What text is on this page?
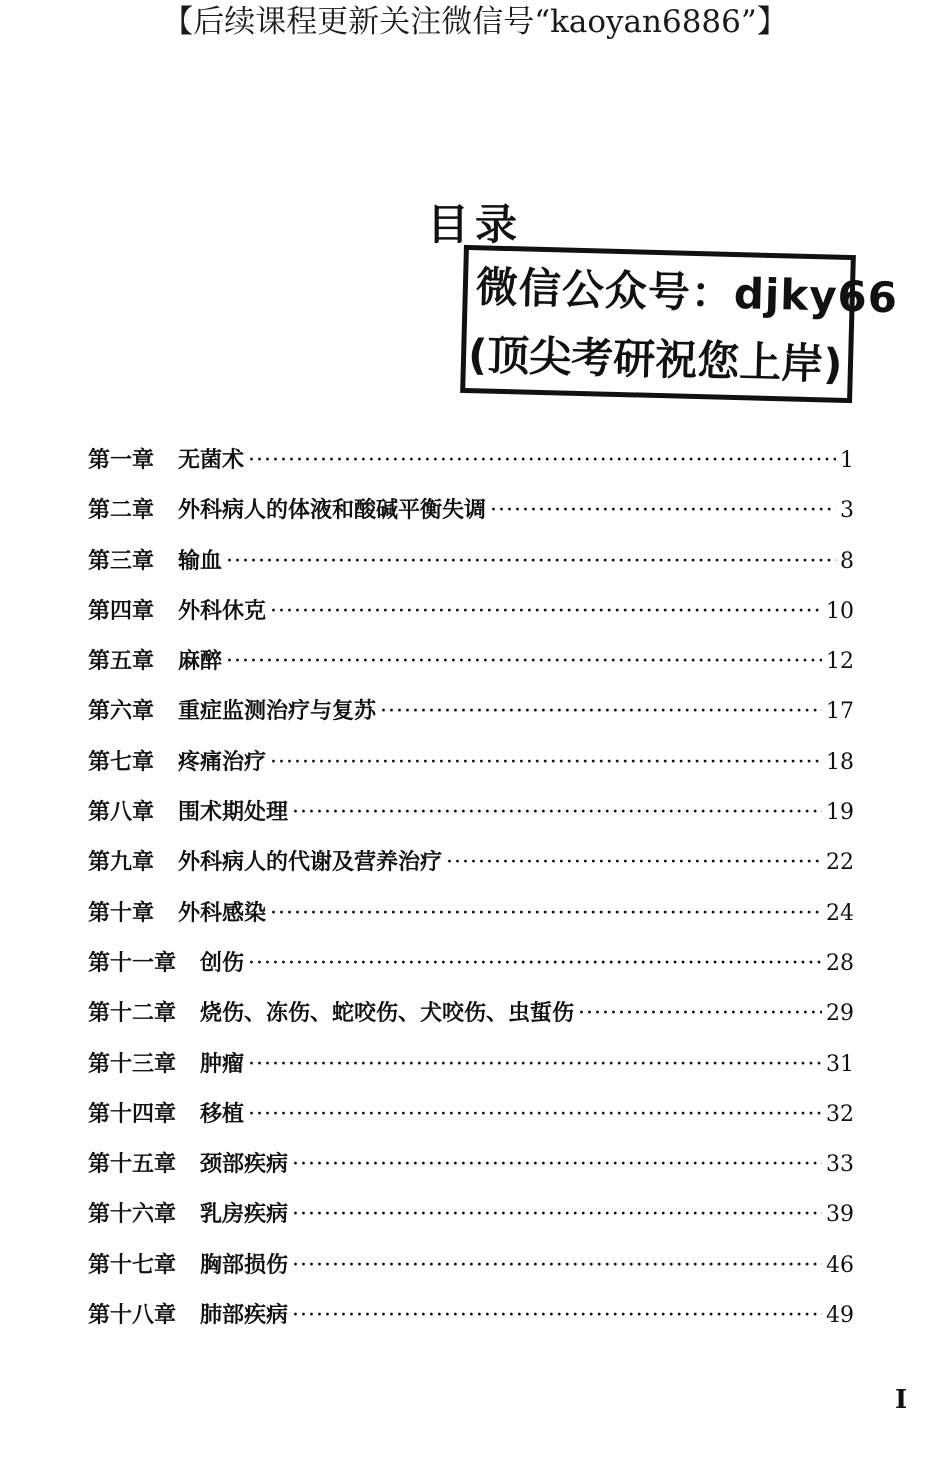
【后续课程更新关注微信号“kaoyan6886”】
目录
微信公众号：djky66
(顶尖考研祝您上岸)
第一章 无菌术 ·····	1
第二章 外科病人的体液和酸碱平衡失调 ·····	3
第三章 输血 ·····	8
第四章 外科休克 ·····	10
第五章 麻醉 ·····	12
第六章 重症监测治疗与复苏 ·····	17
第七章 疼痛治疗 ·····	18
第八章 围术期处理 ·····	19
第九章 外科病人的代谢及营养治疗 ·····	22
第十章 外科感染 ·····	24
第十一章 创伤 ·····	28
第十二章 烧伤、冻伤、蛇咬伤、犬咬伤、虫蜇伤 ·····	29
第十三章 肿瘤 ·····	31
第十四章 移植 ·····	32
第十五章 颈部疾病 ·····	33
第十六章 乳房疾病 ·····	39
第十七章 胸部损伤 ·····	46
第十八章 肺部疾病 ·····	49
I
